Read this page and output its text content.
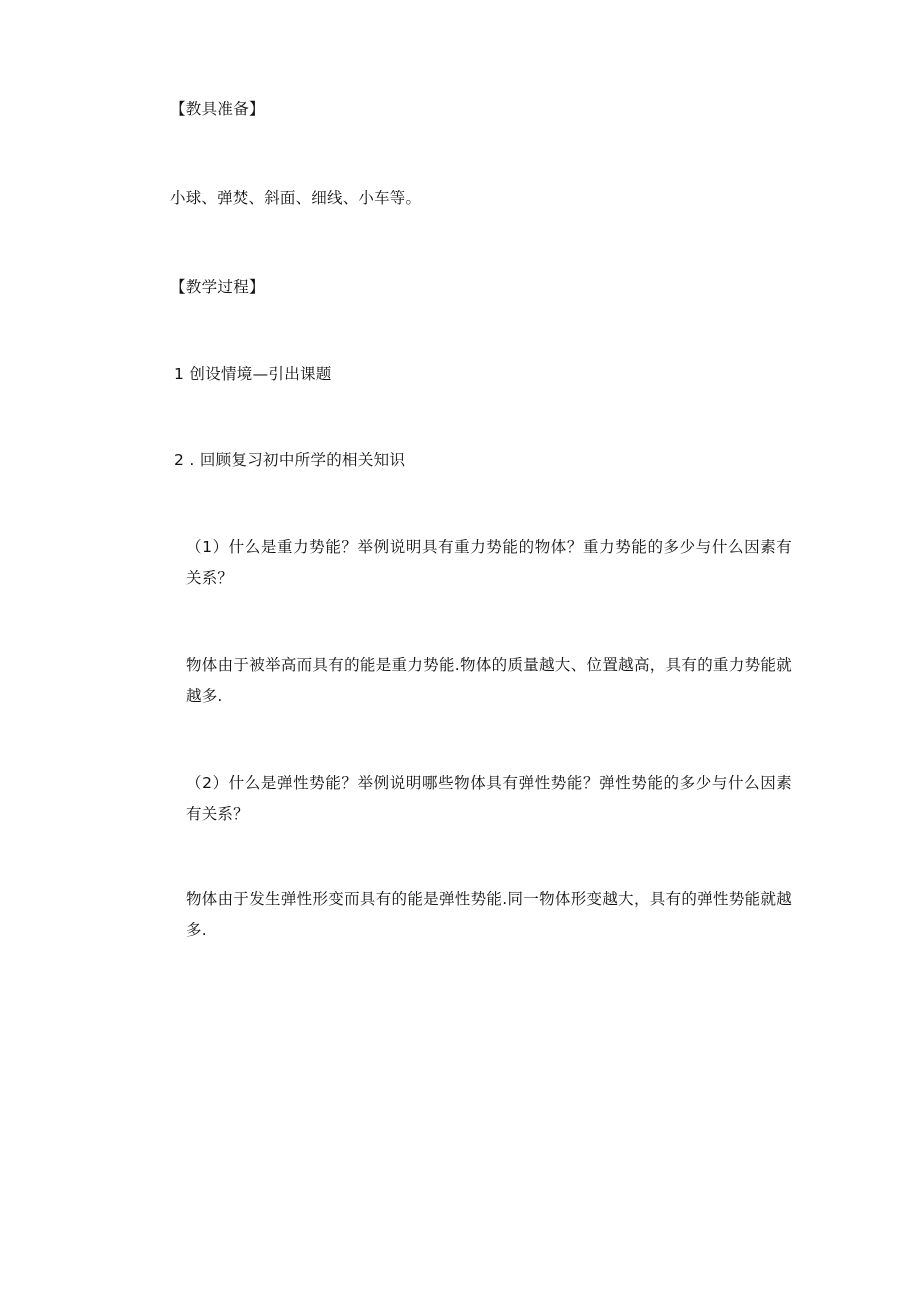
【教具准备】

小球、弹焚、斜面、细线、小车等。

【教学过程】

1 创设情境—引出课题

2 . 回顾复习初中所学的相关知识

（1）什么是重力势能？举例说明具有重力势能的物体？重力势能的多少与什么因素有关系？

物体由于被举高而具有的能是重力势能.物体的质量越大、位置越高，具有的重力势能就越多.

（2）什么是弹性势能？举例说明哪些物体具有弹性势能？弹性势能的多少与什么因素有关系？

物体由于发生弹性形变而具有的能是弹性势能.同一物体形变越大，具有的弹性势能就越多.
